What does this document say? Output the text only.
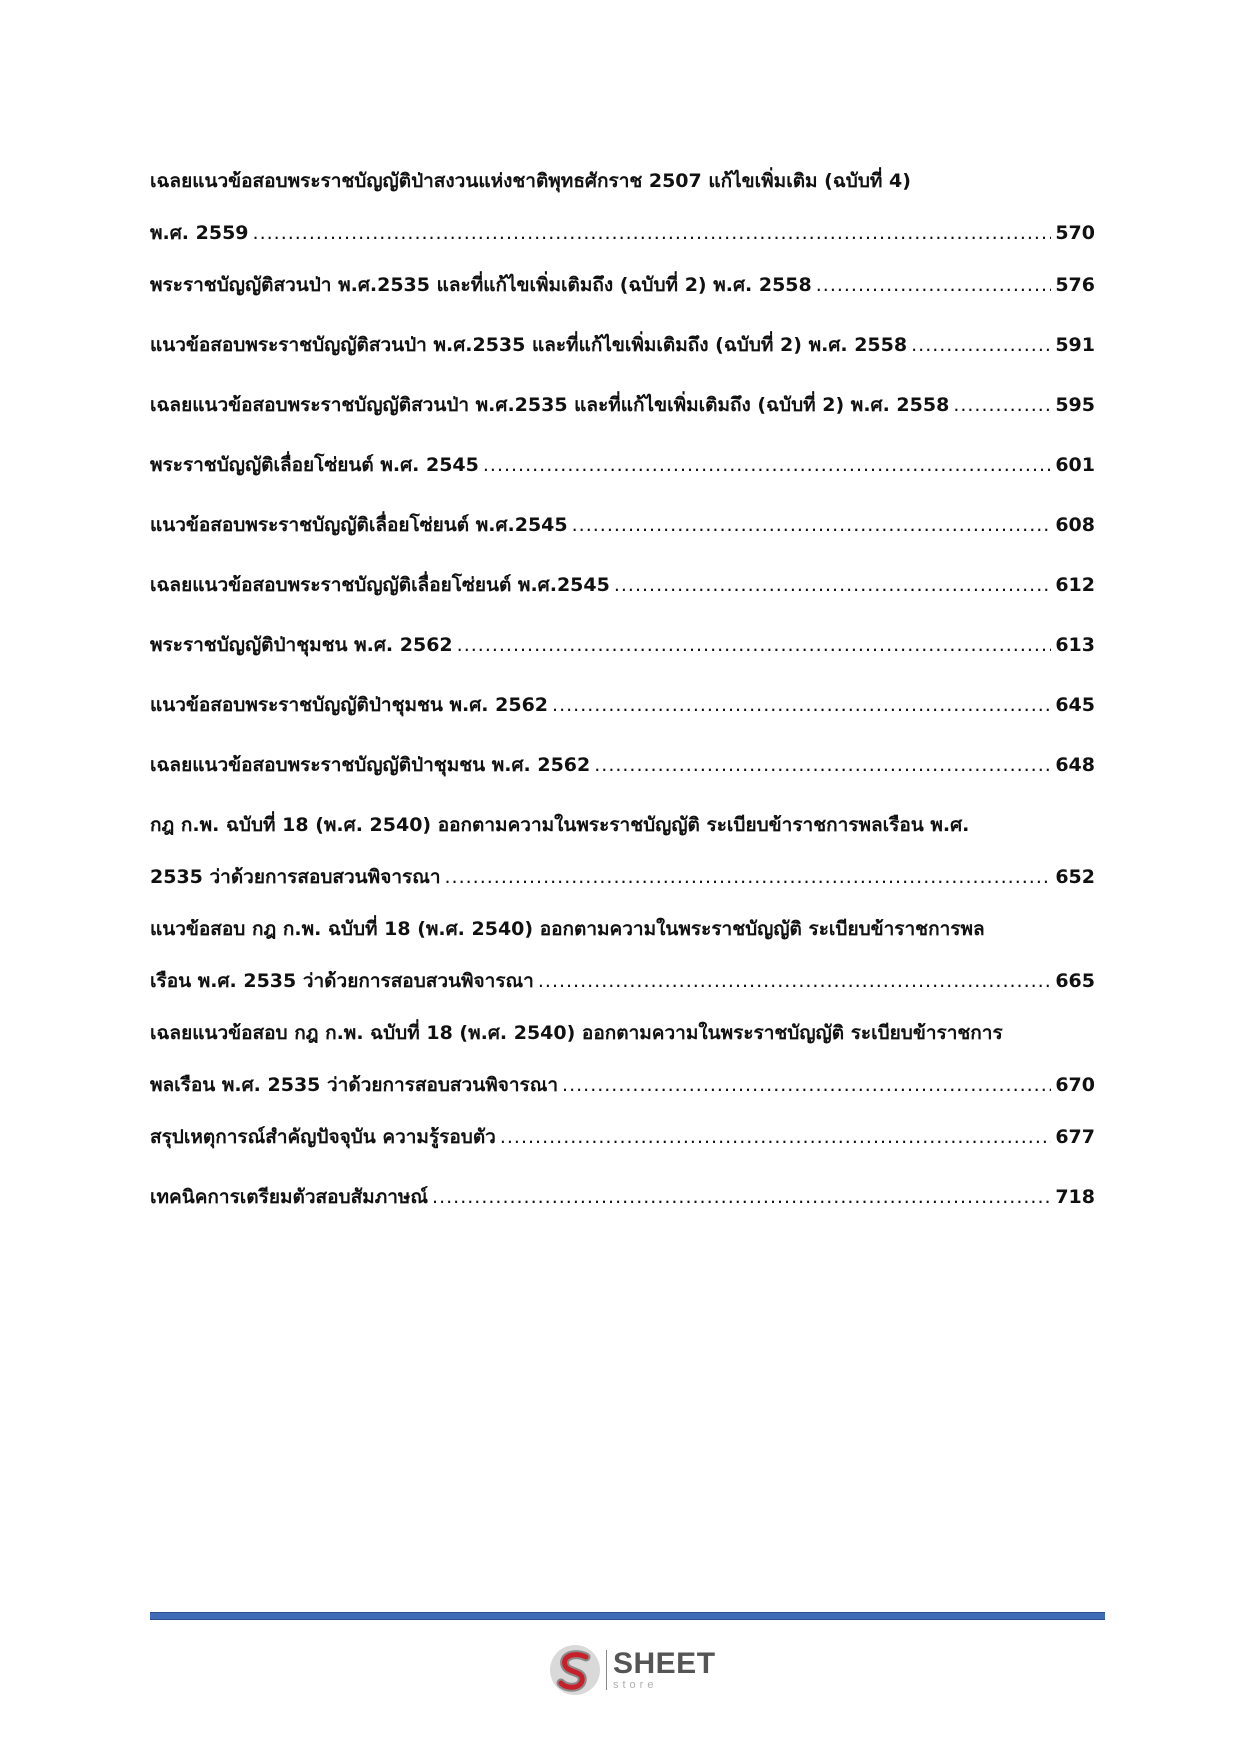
เฉลยแนวข้อสอบพระราชบัญญัติป่าสงวนแห่งชาติพุทธศักราช 2507 แก้ไขเพิ่มเติม (ฉบับที่ 4)
พ.ศ. 2559 .....	570
พระราชบัญญัติสวนป่า พ.ศ.2535 และที่แก้ไขเพิ่มเติมถึง (ฉบับที่ 2) พ.ศ. 2558 .....	576
แนวข้อสอบพระราชบัญญัติสวนป่า พ.ศ.2535 และที่แก้ไขเพิ่มเติมถึง (ฉบับที่ 2) พ.ศ. 2558 .....	591
เฉลยแนวข้อสอบพระราชบัญญัติสวนป่า พ.ศ.2535 และที่แก้ไขเพิ่มเติมถึง (ฉบับที่ 2) พ.ศ. 2558 .....	595
พระราชบัญญัติเลื่อยโซ่ยนต์ พ.ศ. 2545 .....	601
แนวข้อสอบพระราชบัญญัติเลื่อยโซ่ยนต์ พ.ศ.2545 .....	608
เฉลยแนวข้อสอบพระราชบัญญัติเลื่อยโซ่ยนต์ พ.ศ.2545 .....	612
พระราชบัญญัติป่าชุมชน พ.ศ. 2562 .....	613
แนวข้อสอบพระราชบัญญัติป่าชุมชน พ.ศ. 2562 .....	645
เฉลยแนวข้อสอบพระราชบัญญัติป่าชุมชน พ.ศ. 2562 .....	648
กฎ ก.พ. ฉบับที่ 18 (พ.ศ. 2540) ออกตามความในพระราชบัญญัติ ระเบียบข้าราชการพลเรือน พ.ศ.
2535 ว่าด้วยการสอบสวนพิจารณา .....	652
แนวข้อสอบ กฎ ก.พ. ฉบับที่ 18 (พ.ศ. 2540) ออกตามความในพระราชบัญญัติ ระเบียบข้าราชการพล
เรือน พ.ศ. 2535 ว่าด้วยการสอบสวนพิจารณา .....	665
เฉลยแนวข้อสอบ กฎ ก.พ. ฉบับที่ 18 (พ.ศ. 2540) ออกตามความในพระราชบัญญัติ ระเบียบข้าราชการ
พลเรือน พ.ศ. 2535 ว่าด้วยการสอบสวนพิจารณา .....	670
สรุปเหตุการณ์สำคัญปัจจุบัน ความรู้รอบตัว .....	677
เทคนิคการเตรียมตัวสอบสัมภาษณ์ .....	718
SHEET
store
